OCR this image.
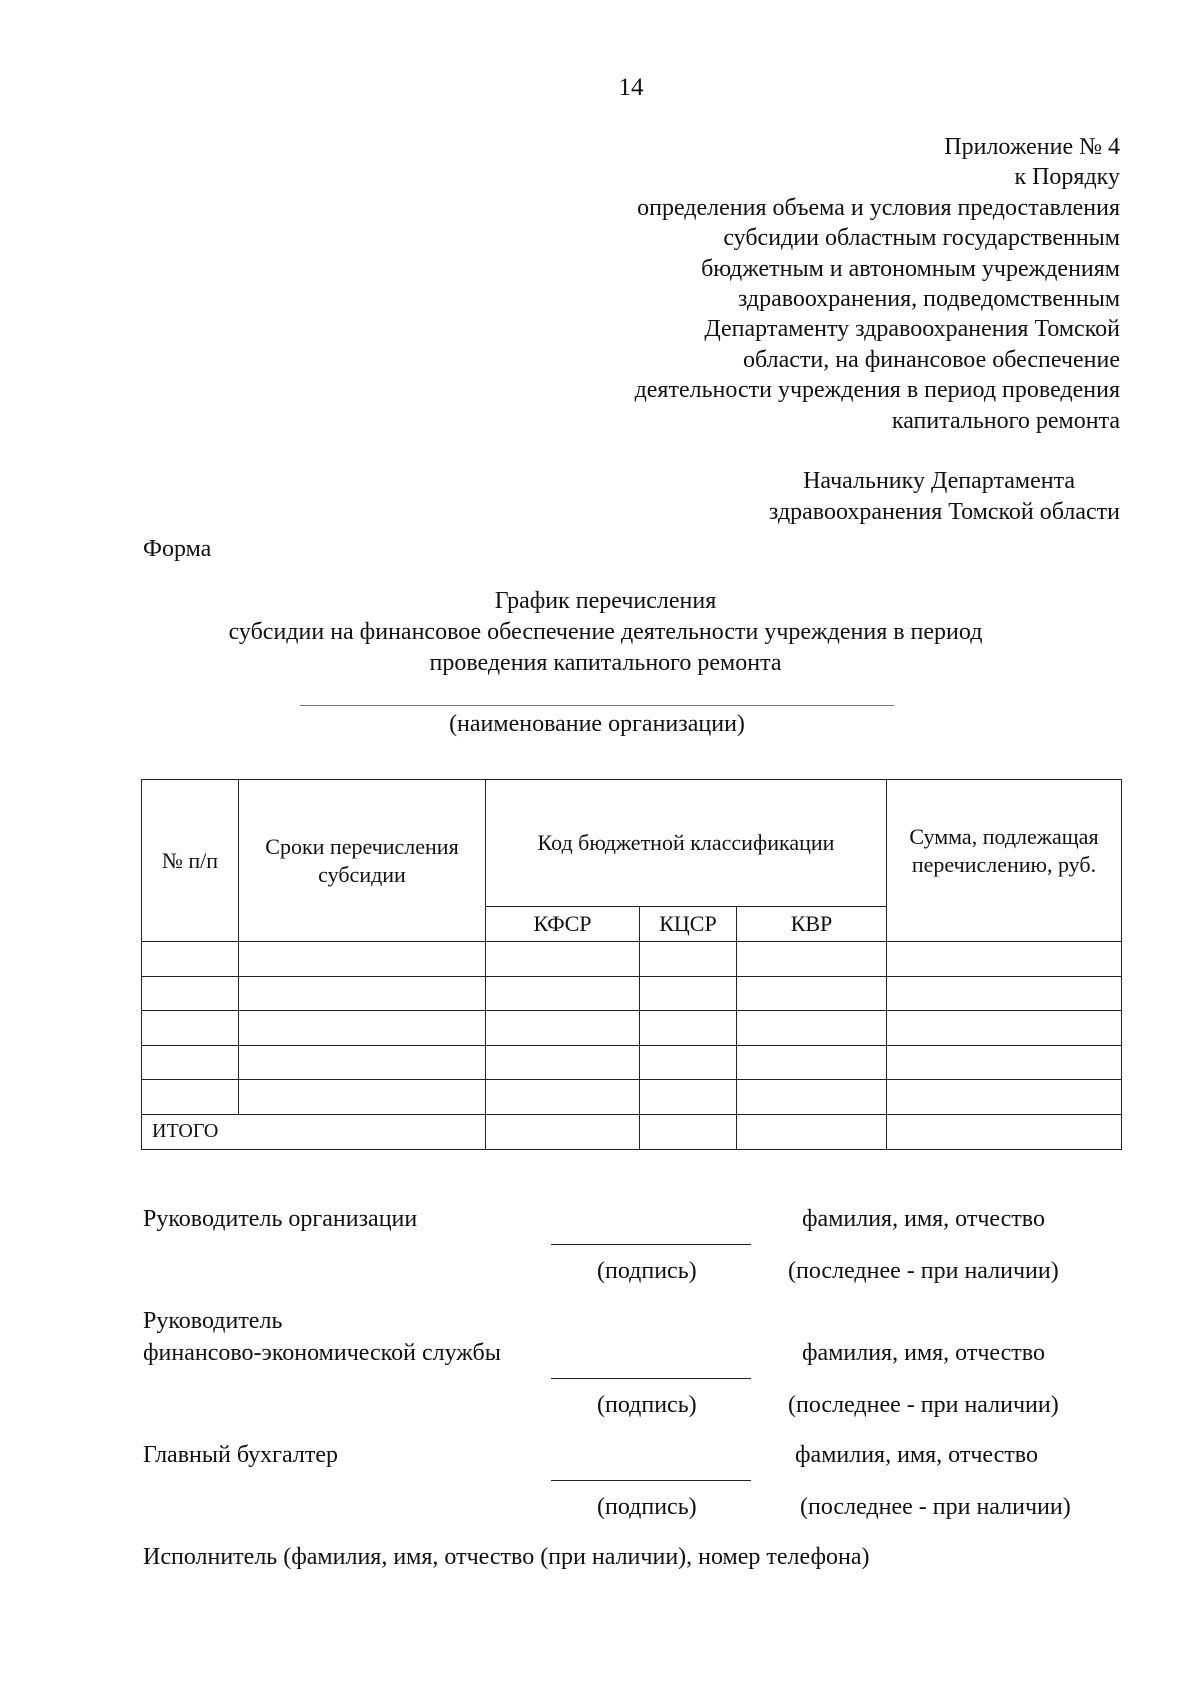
14
Приложение № 4
к Порядку
определения объема и условия предоставления
субсидии областным государственным
бюджетным и автономным учреждениям
здравоохранения, подведомственным
Департаменту здравоохранения Томской
области, на финансовое обеспечение
деятельности учреждения в период проведения
капитального ремонта
Начальнику Департамента
здравоохранения Томской области
Форма
График перечисления
субсидии на финансовое обеспечение деятельности учреждения в период
проведения капитального ремонта
(наименование организации)
№ п/п	Сроки перечисления субсидии	Код бюджетной классификации			Сумма, подлежащая перечислению, руб.
		КФСР	КЦСР	КВР	

ИТОГО					
Руководитель организации	фамилия, имя, отчество
(подпись)	(последнее - при наличии)
Руководитель
финансово-экономической службы	фамилия, имя, отчество
(подпись)	(последнее - при наличии)
Главный бухгалтер	фамилия, имя, отчество
(подпись)	(последнее - при наличии)
Исполнитель (фамилия, имя, отчество (при наличии), номер телефона)
